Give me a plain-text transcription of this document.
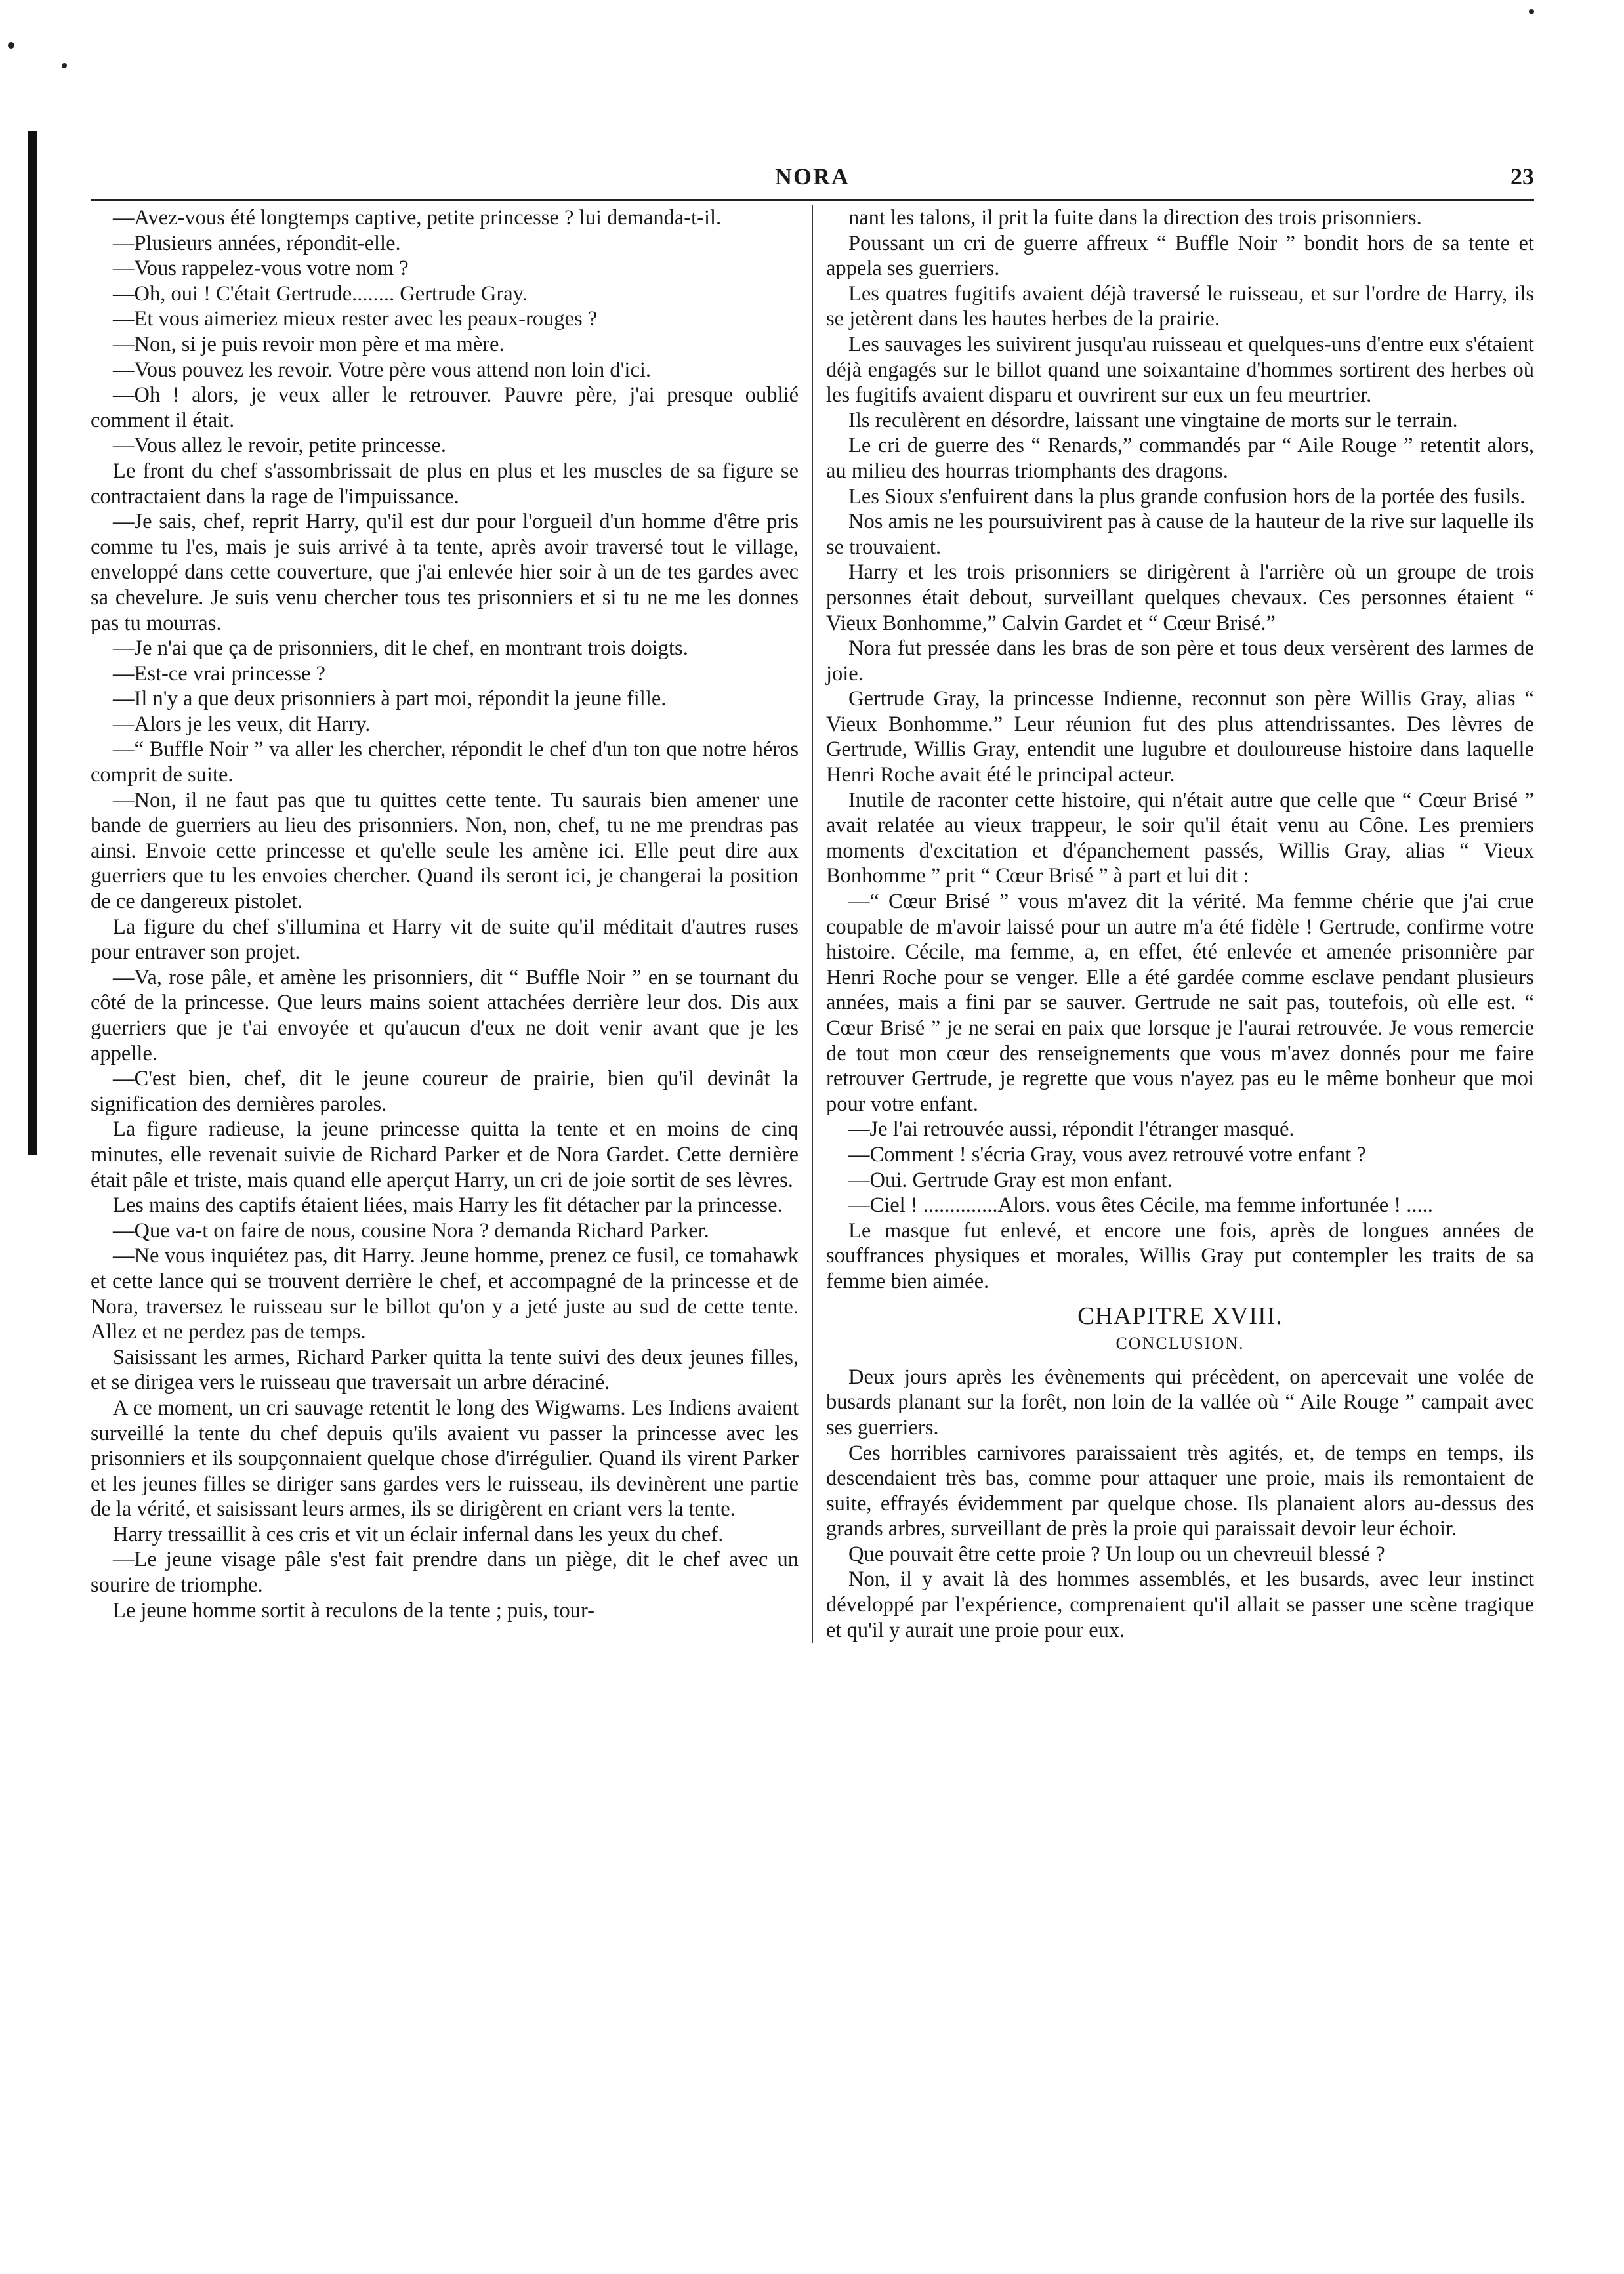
NORA	23

—Avez-vous été longtemps captive, petite princesse ? lui demanda-t-il.

—Plusieurs années, répondit-elle.

—Vous rappelez-vous votre nom ?

—Oh, oui ! C'était Gertrude........ Gertrude Gray.

—Et vous aimeriez mieux rester avec les peaux-rouges ?

—Non, si je puis revoir mon père et ma mère.

—Vous pouvez les revoir. Votre père vous attend non loin d'ici.

—Oh ! alors, je veux aller le retrouver. Pauvre père, j'ai presque oublié comment il était.

—Vous allez le revoir, petite princesse.

Le front du chef s'assombrissait de plus en plus et les muscles de sa figure se contractaient dans la rage de l'impuissance.

—Je sais, chef, reprit Harry, qu'il est dur pour l'orgueil d'un homme d'être pris comme tu l'es, mais je suis arrivé à ta tente, après avoir traversé tout le village, enveloppé dans cette couverture, que j'ai enlevée hier soir à un de tes gardes avec sa chevelure. Je suis venu chercher tous tes prisonniers et si tu ne me les donnes pas tu mourras.

—Je n'ai que ça de prisonniers, dit le chef, en montrant trois doigts.

—Est-ce vrai princesse ?

—Il n'y a que deux prisonniers à part moi, répondit la jeune fille.

—Alors je les veux, dit Harry.

—“ Buffle Noir ” va aller les chercher, répondit le chef d'un ton que notre héros comprit de suite.

—Non, il ne faut pas que tu quittes cette tente. Tu saurais bien amener une bande de guerriers au lieu des prisonniers. Non, non, chef, tu ne me prendras pas ainsi. Envoie cette princesse et qu'elle seule les amène ici. Elle peut dire aux guerriers que tu les envoies chercher. Quand ils seront ici, je changerai la position de ce dangereux pistolet.

La figure du chef s'illumina et Harry vit de suite qu'il méditait d'autres ruses pour entraver son projet.

—Va, rose pâle, et amène les prisonniers, dit “ Buffle Noir ” en se tournant du côté de la princesse. Que leurs mains soient attachées derrière leur dos. Dis aux guerriers que je t'ai envoyée et qu'aucun d'eux ne doit venir avant que je les appelle.

—C'est bien, chef, dit le jeune coureur de prairie, bien qu'il devinât la signification des dernières paroles.

La figure radieuse, la jeune princesse quitta la tente et en moins de cinq minutes, elle revenait suivie de Richard Parker et de Nora Gardet. Cette dernière était pâle et triste, mais quand elle aperçut Harry, un cri de joie sortit de ses lèvres.

Les mains des captifs étaient liées, mais Harry les fit détacher par la princesse.

—Que va-t on faire de nous, cousine Nora ? demanda Richard Parker.

—Ne vous inquiétez pas, dit Harry. Jeune homme, prenez ce fusil, ce tomahawk et cette lance qui se trouvent derrière le chef, et accompagné de la princesse et de Nora, traversez le ruisseau sur le billot qu'on y a jeté juste au sud de cette tente. Allez et ne perdez pas de temps.

Saisissant les armes, Richard Parker quitta la tente suivi des deux jeunes filles, et se dirigea vers le ruisseau que traversait un arbre déraciné.

A ce moment, un cri sauvage retentit le long des Wigwams. Les Indiens avaient surveillé la tente du chef depuis qu'ils avaient vu passer la princesse avec les prisonniers et ils soupçonnaient quelque chose d'irrégulier. Quand ils virent Parker et les jeunes filles se diriger sans gardes vers le ruisseau, ils devinèrent une partie de la vérité, et saisissant leurs armes, ils se dirigèrent en criant vers la tente.

Harry tressaillit à ces cris et vit un éclair infernal dans les yeux du chef.

—Le jeune visage pâle s'est fait prendre dans un piège, dit le chef avec un sourire de triomphe.

Le jeune homme sortit à reculons de la tente ; puis, tour-

nant les talons, il prit la fuite dans la direction des trois prisonniers.

Poussant un cri de guerre affreux “ Buffle Noir ” bondit hors de sa tente et appela ses guerriers.

Les quatres fugitifs avaient déjà traversé le ruisseau, et sur l'ordre de Harry, ils se jetèrent dans les hautes herbes de la prairie.

Les sauvages les suivirent jusqu'au ruisseau et quelques-uns d'entre eux s'étaient déjà engagés sur le billot quand une soixantaine d'hommes sortirent des herbes où les fugitifs avaient disparu et ouvrirent sur eux un feu meurtrier.

Ils reculèrent en désordre, laissant une vingtaine de morts sur le terrain.

Le cri de guerre des “ Renards,” commandés par “ Aile Rouge ” retentit alors, au milieu des hourras triomphants des dragons.

Les Sioux s'enfuirent dans la plus grande confusion hors de la portée des fusils.

Nos amis ne les poursuivirent pas à cause de la hauteur de la rive sur laquelle ils se trouvaient.

Harry et les trois prisonniers se dirigèrent à l'arrière où un groupe de trois personnes était debout, surveillant quelques chevaux. Ces personnes étaient “ Vieux Bonhomme,” Calvin Gardet et “ Cœur Brisé.”

Nora fut pressée dans les bras de son père et tous deux versèrent des larmes de joie.

Gertrude Gray, la princesse Indienne, reconnut son père Willis Gray, alias “ Vieux Bonhomme.” Leur réunion fut des plus attendrissantes. Des lèvres de Gertrude, Willis Gray, entendit une lugubre et douloureuse histoire dans laquelle Henri Roche avait été le principal acteur.

Inutile de raconter cette histoire, qui n'était autre que celle que “ Cœur Brisé ” avait relatée au vieux trappeur, le soir qu'il était venu au Cône. Les premiers moments d'excitation et d'épanchement passés, Willis Gray, alias “ Vieux Bonhomme ” prit “ Cœur Brisé ” à part et lui dit :

—“ Cœur Brisé ” vous m'avez dit la vérité. Ma femme chérie que j'ai crue coupable de m'avoir laissé pour un autre m'a été fidèle ! Gertrude, confirme votre histoire. Cécile, ma femme, a, en effet, été enlevée et amenée prisonnière par Henri Roche pour se venger. Elle a été gardée comme esclave pendant plusieurs années, mais a fini par se sauver. Gertrude ne sait pas, toutefois, où elle est. “ Cœur Brisé ” je ne serai en paix que lorsque je l'aurai retrouvée. Je vous remercie de tout mon cœur des renseignements que vous m'avez donnés pour me faire retrouver Gertrude, je regrette que vous n'ayez pas eu le même bonheur que moi pour votre enfant.

—Je l'ai retrouvée aussi, répondit l'étranger masqué.

—Comment ! s'écria Gray, vous avez retrouvé votre enfant ?

—Oui. Gertrude Gray est mon enfant.

—Ciel ! ..............Alors. vous êtes Cécile, ma femme infortunée ! .....

Le masque fut enlevé, et encore une fois, après de longues années de souffrances physiques et morales, Willis Gray put contempler les traits de sa femme bien aimée.

CHAPITRE XVIII.
CONCLUSION.

Deux jours après les évènements qui précèdent, on apercevait une volée de busards planant sur la forêt, non loin de la vallée où “ Aile Rouge ” campait avec ses guerriers.

Ces horribles carnivores paraissaient très agités, et, de temps en temps, ils descendaient très bas, comme pour attaquer une proie, mais ils remontaient de suite, effrayés évidemment par quelque chose. Ils planaient alors au-dessus des grands arbres, surveillant de près la proie qui paraissait devoir leur échoir.

Que pouvait être cette proie ? Un loup ou un chevreuil blessé ?

Non, il y avait là des hommes assemblés, et les busards, avec leur instinct développé par l'expérience, comprenaient qu'il allait se passer une scène tragique et qu'il y aurait une proie pour eux.
